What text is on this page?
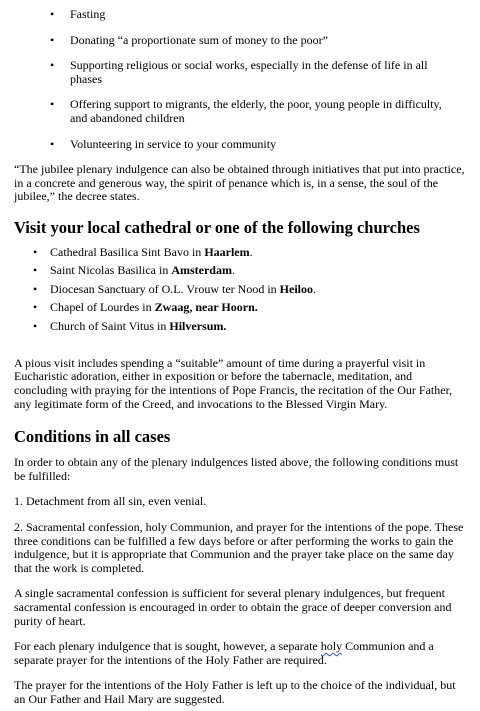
• Fasting
• Donating “a proportionate sum of money to the poor”
• Supporting religious or social works, especially in the defense of life in all phases
• Offering support to migrants, the elderly, the poor, young people in difficulty, and abandoned children
• Volunteering in service to your community

“The jubilee plenary indulgence can also be obtained through initiatives that put into practice, in a concrete and generous way, the spirit of penance which is, in a sense, the soul of the jubilee,” the decree states.

Visit your local cathedral or one of the following churches
• Cathedral Basilica Sint Bavo in Haarlem.
• Saint Nicolas Basilica in Amsterdam.
• Diocesan Sanctuary of O.L. Vrouw ter Nood in Heiloo.
• Chapel of Lourdes in Zwaag, near Hoorn.
• Church of Saint Vitus in Hilversum.

A pious visit includes spending a “suitable” amount of time during a prayerful visit in Eucharistic adoration, either in exposition or before the tabernacle, meditation, and concluding with praying for the intentions of Pope Francis, the recitation of the Our Father, any legitimate form of the Creed, and invocations to the Blessed Virgin Mary.

Conditions in all cases

In order to obtain any of the plenary indulgences listed above, the following conditions must be fulfilled:

1. Detachment from all sin, even venial.

2. Sacramental confession, holy Communion, and prayer for the intentions of the pope. These three conditions can be fulfilled a few days before or after performing the works to gain the indulgence, but it is appropriate that Communion and the prayer take place on the same day that the work is completed.

A single sacramental confession is sufficient for several plenary indulgences, but frequent sacramental confession is encouraged in order to obtain the grace of deeper conversion and purity of heart.

For each plenary indulgence that is sought, however, a separate holy Communion and a separate prayer for the intentions of the Holy Father are required.

The prayer for the intentions of the Holy Father is left up to the choice of the individual, but an Our Father and Hail Mary are suggested.
